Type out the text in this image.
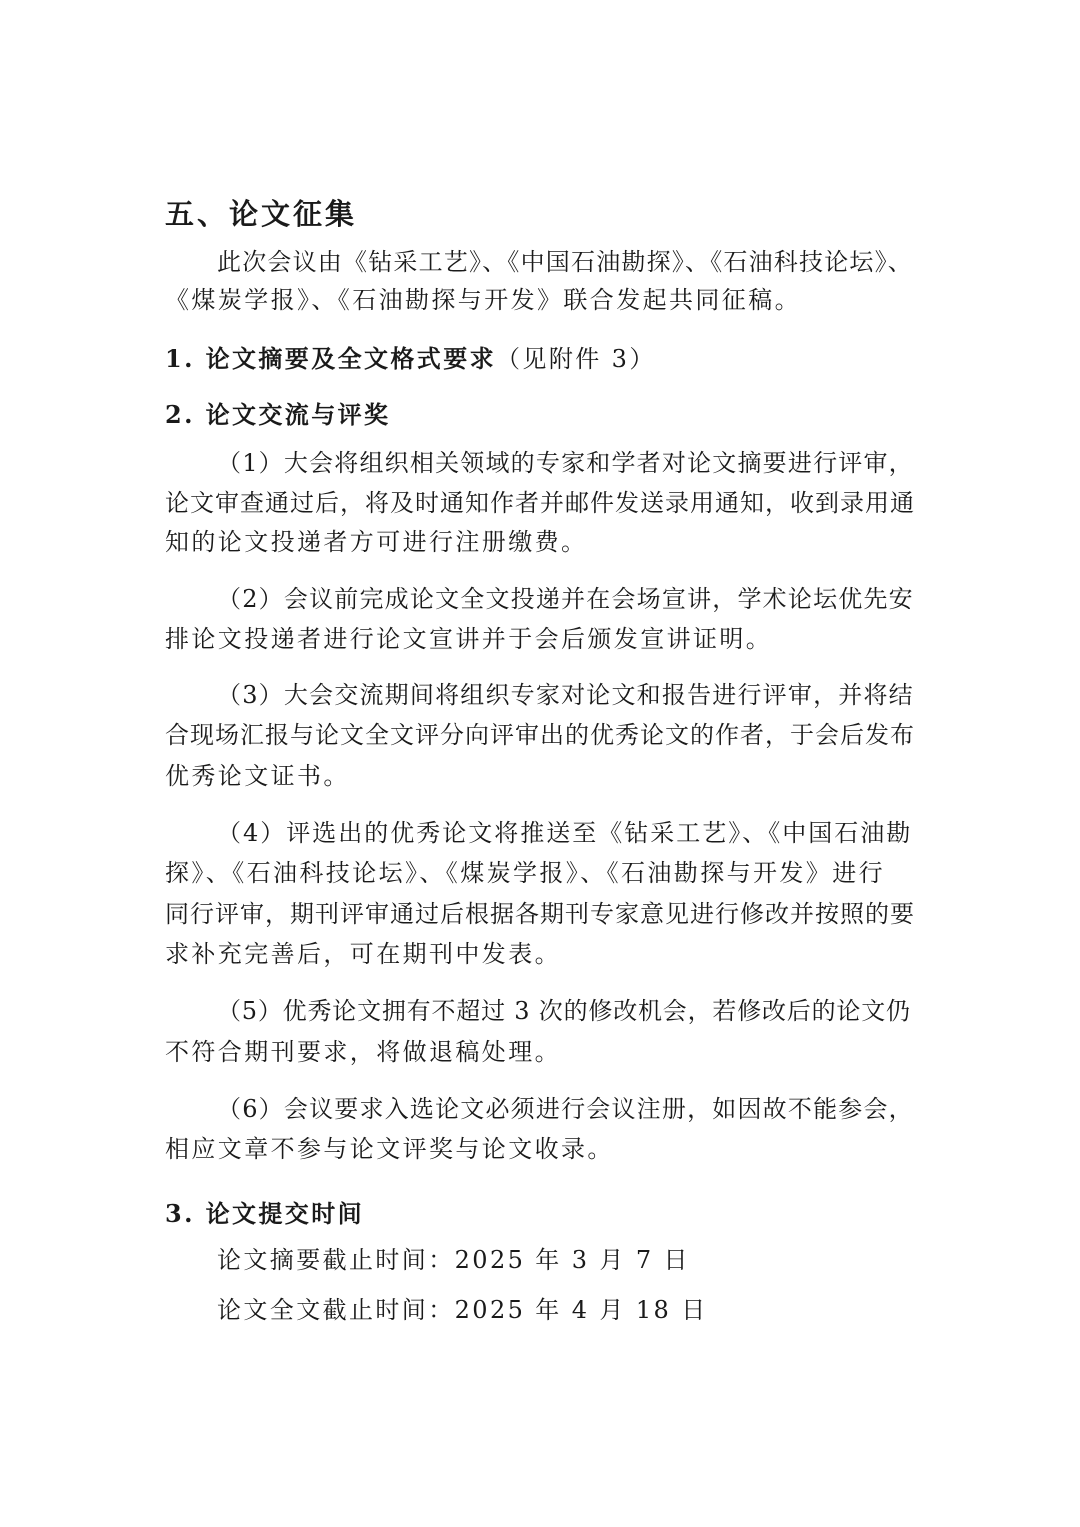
五、论文征集
此次会议由《钻采工艺》、《中国石油勘探》、《石油科技论坛》、
《煤炭学报》、《石油勘探与开发》联合发起共同征稿。
1. 论文摘要及全文格式要求（见附件 3）
2. 论文交流与评奖
（1）大会将组织相关领域的专家和学者对论文摘要进行评审，
论文审查通过后，将及时通知作者并邮件发送录用通知，收到录用通
知的论文投递者方可进行注册缴费。
（2）会议前完成论文全文投递并在会场宣讲，学术论坛优先安
排论文投递者进行论文宣讲并于会后颁发宣讲证明。
（3）大会交流期间将组织专家对论文和报告进行评审，并将结
合现场汇报与论文全文评分向评审出的优秀论文的作者，于会后发布
优秀论文证书。
（4）评选出的优秀论文将推送至《钻采工艺》、《中国石油勘
探》、《石油科技论坛》、《煤炭学报》、《石油勘探与开发》进行
同行评审，期刊评审通过后根据各期刊专家意见进行修改并按照的要
求补充完善后，可在期刊中发表。
（5）优秀论文拥有不超过 3 次的修改机会，若修改后的论文仍
不符合期刊要求，将做退稿处理。
（6）会议要求入选论文必须进行会议注册，如因故不能参会，
相应文章不参与论文评奖与论文收录。
3. 论文提交时间
论文摘要截止时间：2025 年 3 月 7 日
论文全文截止时间：2025 年 4 月 18 日
